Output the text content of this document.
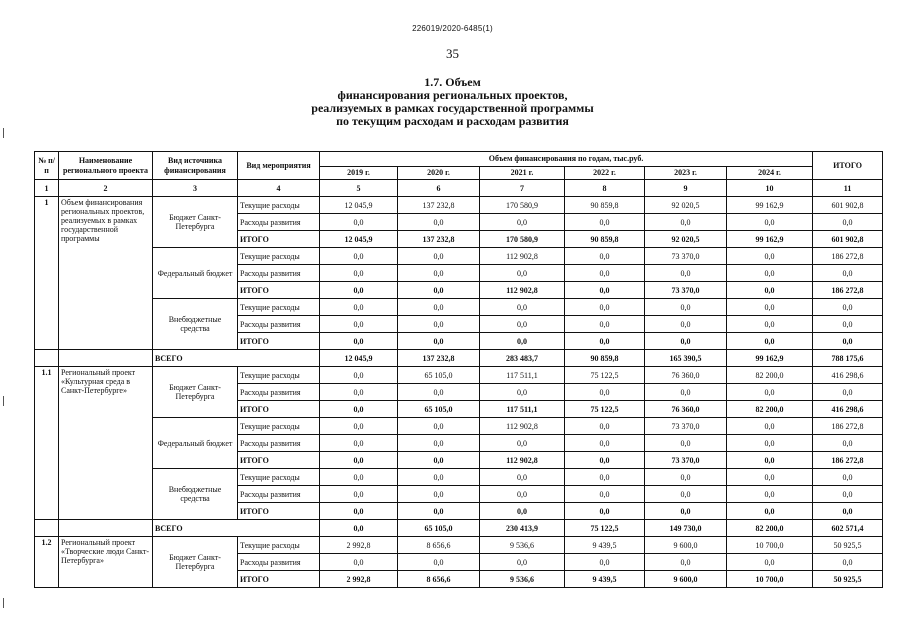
226019/2020-6485(1)
35
1.7. Объем
финансирования региональных проектов,
реализуемых в рамках государственной программы
по текущим расходам и расходам развития
№ п/п	Наименование регионального проекта	Вид источника финансирования	Вид мероприятия	Объем финансирования по годам, тыс.руб.						ИТОГО
				2019 г.	2020 г.	2021 г.	2022 г.	2023 г.	2024 г.	
1	2	3	4	5	6	7	8	9	10	11
1	Объем финансирования региональных проектов, реализуемых в рамках государственной программы	Бюджет Санкт-Петербурга	Текущие расходы	12 045,9	137 232,8	170 580,9	90 859,8	92 020,5	99 162,9	601 902,8
			Расходы развития	0,0	0,0	0,0	0,0	0,0	0,0	0,0
			ИТОГО	12 045,9	137 232,8	170 580,9	90 859,8	92 020,5	99 162,9	601 902,8
		Федеральный бюджет	Текущие расходы	0,0	0,0	112 902,8	0,0	73 370,0	0,0	186 272,8
			Расходы развития	0,0	0,0	0,0	0,0	0,0	0,0	0,0
			ИТОГО	0,0	0,0	112 902,8	0,0	73 370,0	0,0	186 272,8
		Внебюджетные средства	Текущие расходы	0,0	0,0	0,0	0,0	0,0	0,0	0,0
			Расходы развития	0,0	0,0	0,0	0,0	0,0	0,0	0,0
			ИТОГО	0,0	0,0	0,0	0,0	0,0	0,0	0,0
		ВСЕГО		12 045,9	137 232,8	283 483,7	90 859,8	165 390,5	99 162,9	788 175,6
1.1	Региональный проект «Культурная среда в Санкт-Петербурге»	Бюджет Санкт-Петербурга	Текущие расходы	0,0	65 105,0	117 511,1	75 122,5	76 360,0	82 200,0	416 298,6
			Расходы развития	0,0	0,0	0,0	0,0	0,0	0,0	0,0
			ИТОГО	0,0	65 105,0	117 511,1	75 122,5	76 360,0	82 200,0	416 298,6
		Федеральный бюджет	Текущие расходы	0,0	0,0	112 902,8	0,0	73 370,0	0,0	186 272,8
			Расходы развития	0,0	0,0	0,0	0,0	0,0	0,0	0,0
			ИТОГО	0,0	0,0	112 902,8	0,0	73 370,0	0,0	186 272,8
		Внебюджетные средства	Текущие расходы	0,0	0,0	0,0	0,0	0,0	0,0	0,0
			Расходы развития	0,0	0,0	0,0	0,0	0,0	0,0	0,0
			ИТОГО	0,0	0,0	0,0	0,0	0,0	0,0	0,0
		ВСЕГО		0,0	65 105,0	230 413,9	75 122,5	149 730,0	82 200,0	602 571,4
1.2	Региональный проект «Творческие люди Санкт-Петербурга»	Бюджет Санкт-Петербурга	Текущие расходы	2 992,8	8 656,6	9 536,6	9 439,5	9 600,0	10 700,0	50 925,5
			Расходы развития	0,0	0,0	0,0	0,0	0,0	0,0	0,0
			ИТОГО	2 992,8	8 656,6	9 536,6	9 439,5	9 600,0	10 700,0	50 925,5
